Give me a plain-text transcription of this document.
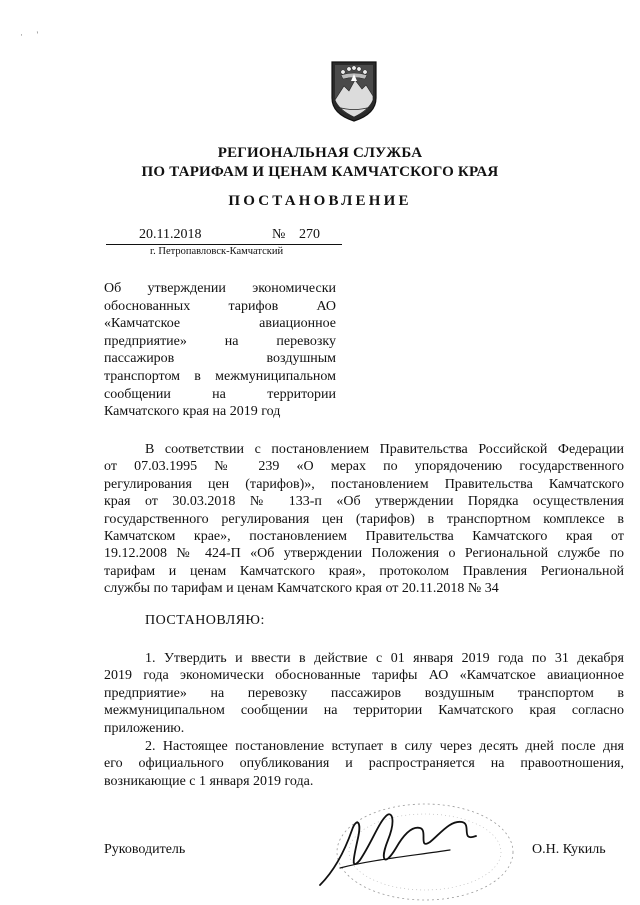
·      '
РЕГИОНАЛЬНАЯ СЛУЖБА
ПО ТАРИФАМ И ЦЕНАМ КАМЧАТСКОГО КРАЯ
ПОСТАНОВЛЕНИЕ
20.11.2018	№ 270
г. Петропавловск-Камчатский
Об утверждении экономически
обоснованных тарифов АО
«Камчатское авиационное
предприятие» на перевозку
пассажиров воздушным
транспортом в межмуниципальном
сообщении на территории
Камчатского края на 2019 год
В соответствии с постановлением Правительства Российской Федерации
от 07.03.1995 № 239 «О мерах по упорядочению государственного
регулирования цен (тарифов)», постановлением Правительства Камчатского
края от 30.03.2018 № 133-п «Об утверждении Порядка осуществления
государственного регулирования цен (тарифов) в транспортном комплексе в
Камчатском крае», постановлением Правительства Камчатского края от
19.12.2008 № 424-П «Об утверждении Положения о Региональной службе по
тарифам и ценам Камчатского края», протоколом Правления Региональной
службы по тарифам и ценам Камчатского края от 20.11.2018 № 34
ПОСТАНОВЛЯЮ:
1. Утвердить и ввести в действие с 01 января 2019 года по 31 декабря
2019 года экономически обоснованные тарифы АО «Камчатское авиационное
предприятие» на перевозку пассажиров воздушным транспортом в
межмуниципальном сообщении на территории Камчатского края согласно
приложению.
2. Настоящее постановление вступает в силу через десять дней после дня
его официального опубликования и распространяется на правоотношения,
возникающие с 1 января 2019 года.
Руководитель	О.Н. Кукиль
